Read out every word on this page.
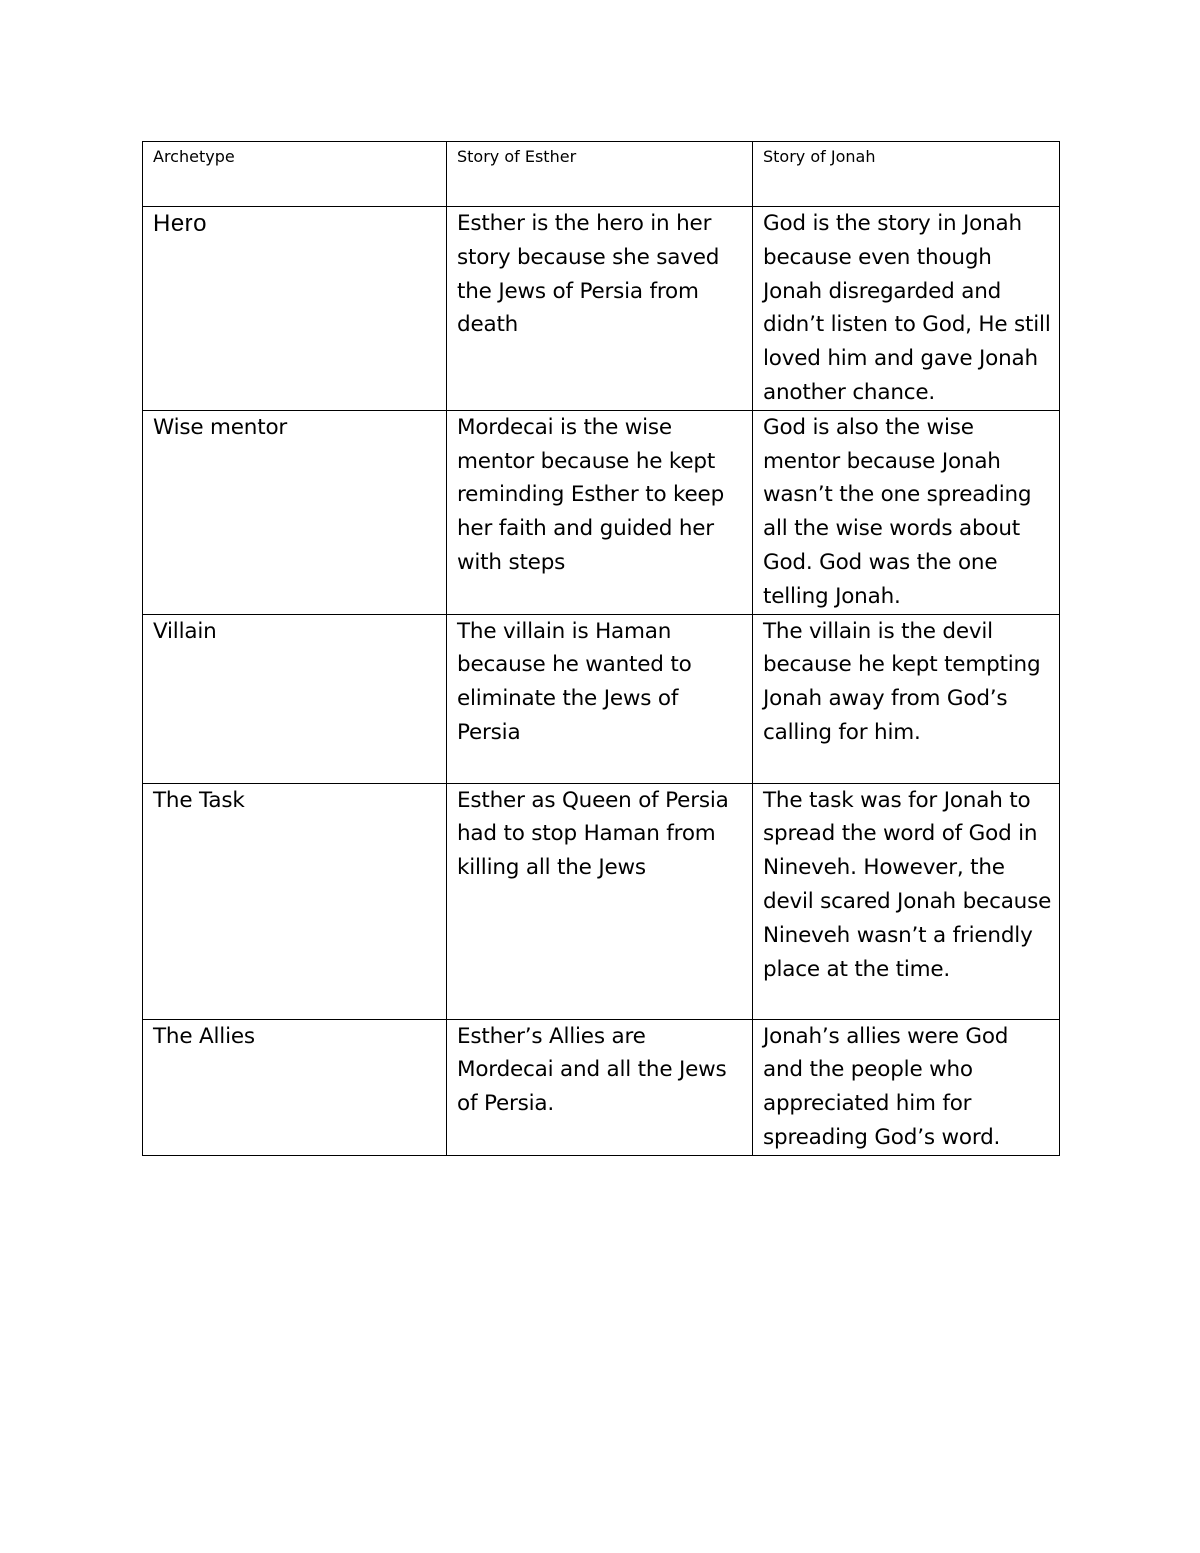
Archetype	Story of Esther	Story of Jonah

Hero	Esther is the hero in her story because she saved the Jews of Persia from death	God is the story in Jonah because even though Jonah disregarded and didn’t listen to God, He still loved him and gave Jonah another chance.

Wise mentor	Mordecai is the wise mentor because he kept reminding Esther to keep her faith and guided her with steps	God is also the wise mentor because Jonah wasn’t the one spreading all the wise words about God. God was the one telling Jonah.

Villain	The villain is Haman because he wanted to eliminate the Jews of Persia	The villain is the devil because he kept tempting Jonah away from God’s calling for him.

The Task	Esther as Queen of Persia had to stop Haman from killing all the Jews	The task was for Jonah to spread the word of God in Nineveh. However, the devil scared Jonah because Nineveh wasn’t a friendly place at the time.

The Allies	Esther’s Allies are Mordecai and all the Jews of Persia.	Jonah’s allies were God and the people who appreciated him for spreading God’s word.
